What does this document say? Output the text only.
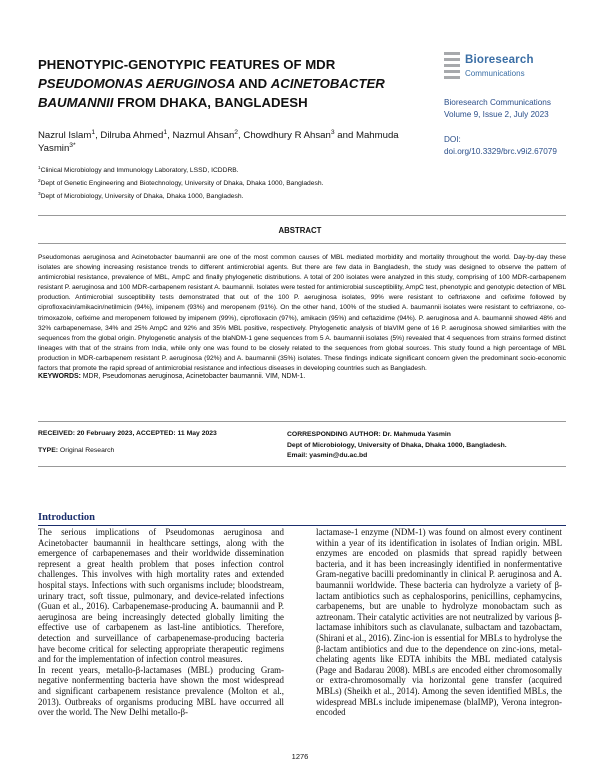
PHENOTYPIC-GENOTYPIC FEATURES OF MDR
PSEUDOMONAS AERUGINOSA AND ACINETOBACTER
BAUMANNII FROM DHAKA, BANGLADESH
Bioresearch
Communications
Bioresearch Communications
Volume 9, Issue 2, July 2023
DOI:
doi.org/10.3329/brc.v9i2.67079
Nazrul Islam$^1$, Dilruba Ahmed$^1$, Nazmul Ahsan$^2$, Chowdhury R Ahsan$^3$ and Mahmuda Yasmin$^{3*}$
$^1$Clinical Microbiology and Immunology Laboratory, LSSD, ICDDRB.
$^2$Dept of Genetic Engineering and Biotechnology, University of Dhaka, Dhaka 1000, Bangladesh.
$^3$Dept of Microbiology, University of Dhaka, Dhaka 1000, Bangladesh.
ABSTRACT
Pseudomonas aeruginosa and Acinetobacter baumannii are one of the most common causes of MBL mediated morbidity and mortality throughout the world. Day-by-day these isolates are showing increasing resistance trends to different antimicrobial agents. But there are few data in Bangladesh, the study was designed to observe the pattern of antimicrobial resistance, prevalence of MBL, AmpC and finally phylogenetic distributions. A total of 200 isolates were analyzed in this study, comprising of 100 MDR-carbapenem resistant P. aeruginosa and 100 MDR-carbapenem resistant A. baumannii. Isolates were tested for antimicrobial susceptibility, AmpC test, phenotypic and genotypic detection of MBL production. Antimicrobial susceptibility tests demonstrated that out of the 100 P. aeruginosa isolates, 99% were resistant to ceftriaxone and cefixime followed by ciprofloxacin/amikacin/netilmicin (94%), imipenem (93%) and meropenem (91%). On the other hand, 100% of the studied A. baumannii isolates were resistant to ceftriaxone, co-trimoxazole, cefixime and meropenem followed by imipenem (99%), ciprofloxacin (97%), amikacin (95%) and ceftazidime (94%). P. aeruginosa and A. baumannii showed 48% and 32% carbapenemase, 34% and 25% AmpC and 92% and 35% MBL positive, respectively. Phylogenetic analysis of blaVIM gene of 16 P. aeruginosa showed similarities with the sequences from the global origin. Phylogenetic analysis of the blaNDM-1 gene sequences from 5 A. baumannii isolates (5%) revealed that 4 sequences from strains formed distinct lineages with that of the strains from India, while only one was found to be closely related to the sequences from global sources. This study found a high percentage of MBL production in MDR-carbapenem resistant P. aeruginosa (92%) and A. baumannii (35%) isolates. These findings indicate significant concern given the predominant socio-economic factors that promote the rapid spread of antimicrobial resistance and infectious diseases in developing countries such as Bangladesh.
KEYWORDS: MDR, Pseudomonas aeruginosa, Acinetobacter baumannii. VIM, NDM-1.
RECEIVED: 20 February 2023, ACCEPTED: 11 May 2023
TYPE: Original Research
CORRESPONDING AUTHOR: Dr. Mahmuda Yasmin
Dept of Microbiology, University of Dhaka, Dhaka 1000, Bangladesh.
Email: yasmin@du.ac.bd
Introduction

The serious implications of Pseudomonas aeruginosa and Acinetobacter baumannii in healthcare settings, along with the emergence of carbapenemases and their worldwide dissemination represent a great health problem that poses infection control challenges. This involves with high mortality rates and extended hospital stays. Infections with such organisms include; bloodstream, urinary tract, soft tissue, pulmonary, and device-related infections (Guan et al., 2016). Carbapenemase-producing A. baumannii and P. aeruginosa are being increasingly detected globally limiting the effective use of carbapenem as last-line antibiotics. Therefore, detection and surveillance of carbapenemase-producing bacteria have become critical for selecting appropriate therapeutic regimens and for the implementation of infection control measures.

In recent years, metallo-β-lactamases (MBL) producing Gram-negative nonfermenting bacteria have shown the most widespread and significant carbapenem resistance prevalence (Molton et al., 2013). Outbreaks of organisms producing MBL have occurred all over the world. The New Delhi metallo-β-

lactamase-1 enzyme (NDM-1) was found on almost every continent within a year of its identification in isolates of Indian origin. MBL enzymes are encoded on plasmids that spread rapidly between bacteria, and it has been increasingly identified in nonfermentative Gram-negative bacilli predominantly in clinical P. aeruginosa and A. baumannii worldwide. These bacteria can hydrolyze a variety of β-lactam antibiotics such as cephalosporins, penicillins, cephamycins, carbapenems, but are unable to hydrolyze monobactam such as aztreonam. Their catalytic activities are not neutralized by various β-lactamase inhibitors such as clavulanate, sulbactam and tazobactam, (Shirani et al., 2016). Zinc-ion is essential for MBLs to hydrolyse the β-lactam antibiotics and due to the dependence on zinc-ions, metal-chelating agents like EDTA inhibits the MBL mediated catalysis (Page and Badarau 2008). MBLs are encoded either chromosomally or extra-chromosomally via horizontal gene transfer (acquired MBLs) (Sheikh et al., 2014). Among the seven identified MBLs, the widespread MBLs include imipenemase (blaIMP), Verona integron-encoded

1276
